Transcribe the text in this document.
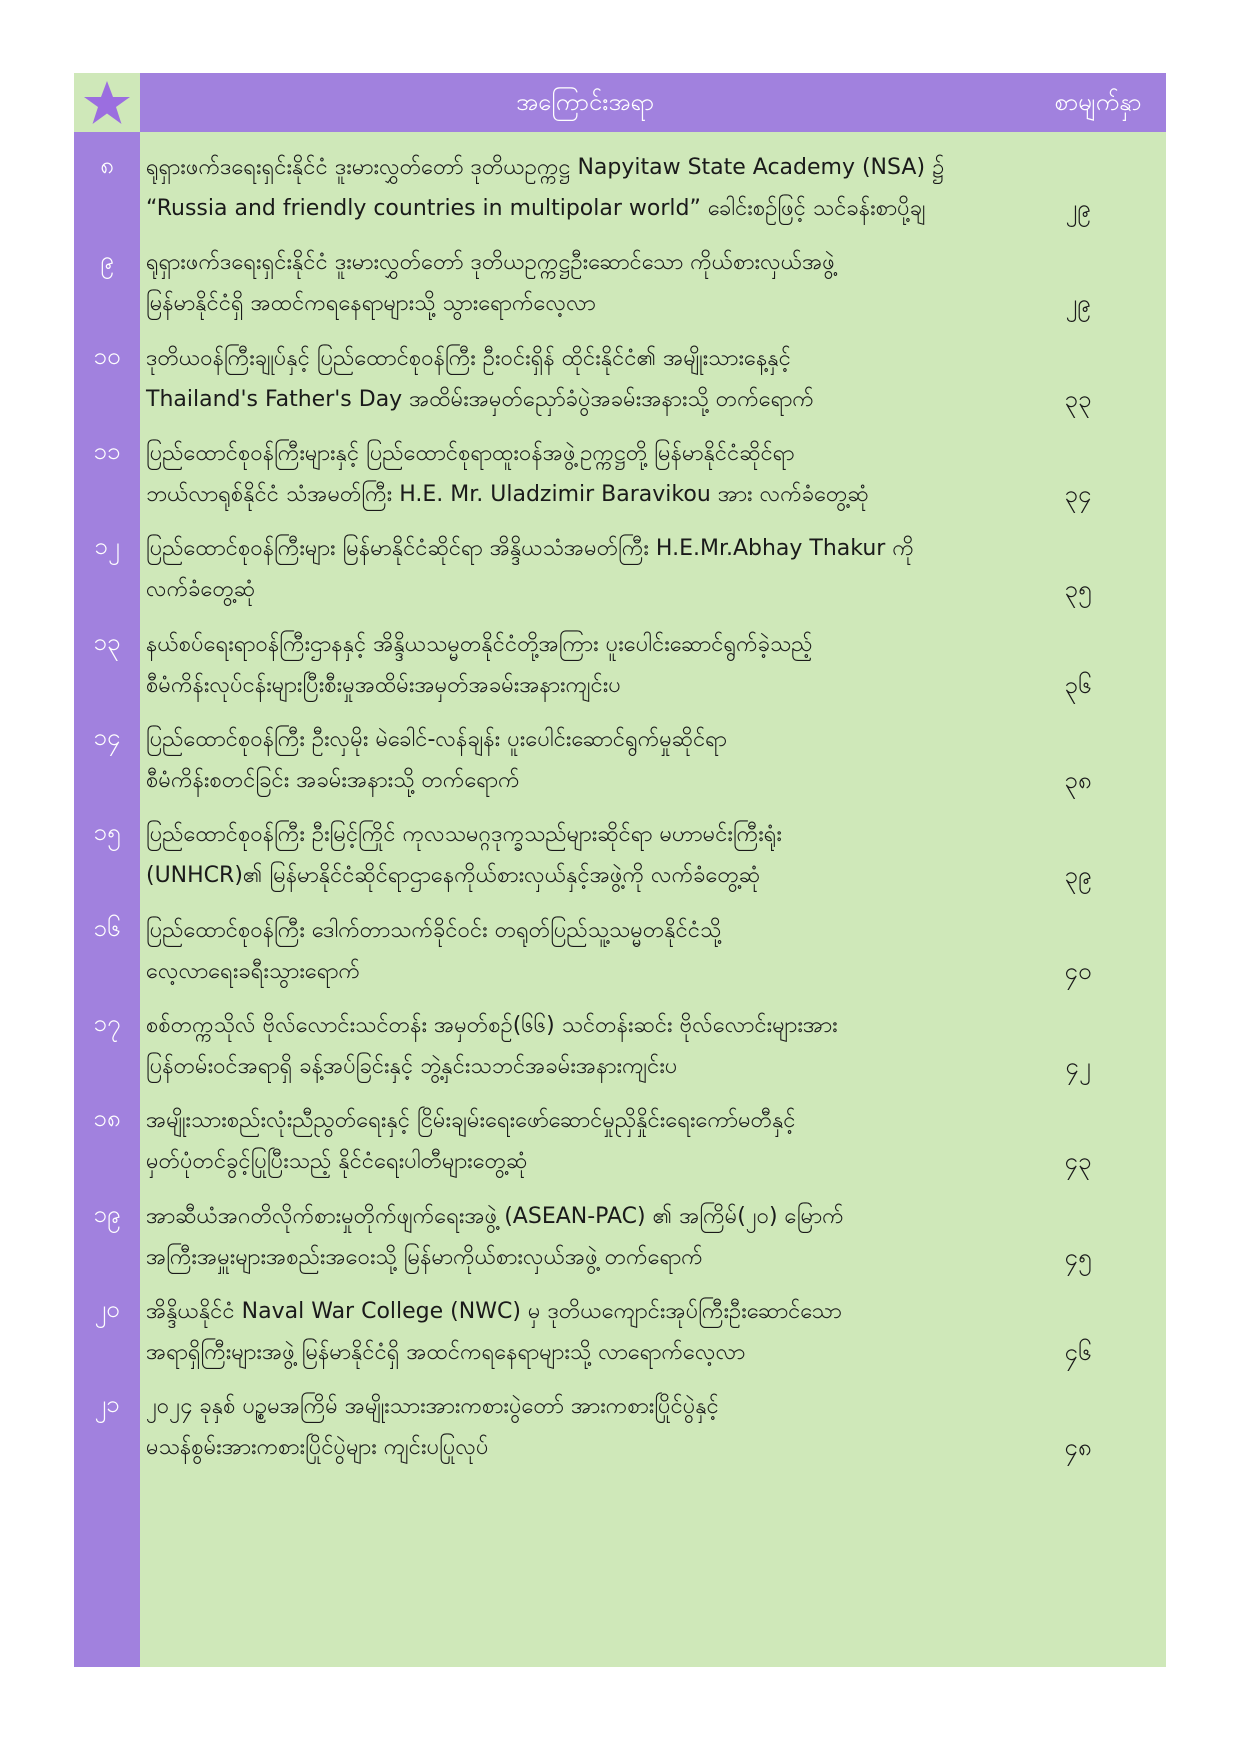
အကြောင်းအရာ	စာမျက်နှာ
၈	ရုရှားဖက်ဒရေးရှင်းနိုင်ငံ ဒူးမားလွှတ်တော် ဒုတိယဥက္ကဋ္ဌ Napyitaw State Academy (NSA) ၌
“Russia and friendly countries in multipolar world” ခေါင်းစဉ်ဖြင့် သင်ခန်းစာပို့ချ	၂၉
၉	ရုရှားဖက်ဒရေးရှင်းနိုင်ငံ ဒူးမားလွှတ်တော် ဒုတိယဥက္ကဋ္ဌဦးဆောင်သော ကိုယ်စားလှယ်အဖွဲ့
မြန်မာနိုင်ငံရှိ အထင်ကရနေရာများသို့ သွားရောက်လေ့လာ	၂၉
၁၀	ဒုတိယဝန်ကြီးချုပ်နှင့် ပြည်ထောင်စုဝန်ကြီး ဦးဝင်းရှိန် ထိုင်းနိုင်ငံ၏ အမျိုးသားနေ့နှင့်
Thailand's Father's Day အထိမ်းအမှတ်ညှော်ခံပွဲအခမ်းအနားသို့ တက်ရောက်	၃၃
၁၁	ပြည်ထောင်စုဝန်ကြီးများနှင့် ပြည်ထောင်စုရာထူးဝန်အဖွဲ့ဥက္ကဋ္ဌတို့ မြန်မာနိုင်ငံဆိုင်ရာ
ဘယ်လာရုစ်နိုင်ငံ သံအမတ်ကြီး H.E. Mr. Uladzimir Baravikou အား လက်ခံတွေ့ဆုံ	၃၄
၁၂	ပြည်ထောင်စုဝန်ကြီးများ မြန်မာနိုင်ငံဆိုင်ရာ အိန္ဒိယသံအမတ်ကြီး H.E.Mr.Abhay Thakur ကို
လက်ခံတွေ့ဆုံ	၃၅
၁၃	နယ်စပ်ရေးရာဝန်ကြီးဌာနနှင့် အိန္ဒိယသမ္မတနိုင်ငံတို့အကြား ပူးပေါင်းဆောင်ရွက်ခဲ့သည့်
စီမံကိန်းလုပ်ငန်းများပြီးစီးမှုအထိမ်းအမှတ်အခမ်းအနားကျင်းပ	၃၆
၁၄	ပြည်ထောင်စုဝန်ကြီး ဦးလှမိုး မဲခေါင်-လန်ချန်း ပူးပေါင်းဆောင်ရွက်မှုဆိုင်ရာ
စီမံကိန်းစတင်ခြင်း အခမ်းအနားသို့ တက်ရောက်	၃၈
၁၅	ပြည်ထောင်စုဝန်ကြီး ဦးမြင့်ကြိုင် ကုလသမဂ္ဂဒုက္ခသည်များဆိုင်ရာ မဟာမင်းကြီးရုံး
(UNHCR)၏ မြန်မာနိုင်ငံဆိုင်ရာဌာနေကိုယ်စားလှယ်နှင့်အဖွဲ့ကို လက်ခံတွေ့ဆုံ	၃၉
၁၆	ပြည်ထောင်စုဝန်ကြီး ဒေါက်တာသက်ခိုင်ဝင်း တရုတ်ပြည်သူ့သမ္မတနိုင်ငံသို့
လေ့လာရေးခရီးသွားရောက်	၄၀
၁၇	စစ်တက္ကသိုလ် ဗိုလ်လောင်းသင်တန်း အမှတ်စဉ်(၆၆) သင်တန်းဆင်း ဗိုလ်လောင်းများအား
ပြန်တမ်းဝင်အရာရှိ ခန့်အပ်ခြင်းနှင့် ဘွဲ့နှင်းသဘင်အခမ်းအနားကျင်းပ	၄၂
၁၈	အမျိုးသားစည်းလုံးညီညွတ်ရေးနှင့် ငြိမ်းချမ်းရေးဖော်ဆောင်မှုညှိနှိုင်းရေးကော်မတီနှင့်
မှတ်ပုံတင်ခွင့်ပြုပြီးသည့် နိုင်ငံရေးပါတီများတွေ့ဆုံ	၄၃
၁၉	အာဆီယံအဂတိလိုက်စားမှုတိုက်ဖျက်ရေးအဖွဲ့ (ASEAN-PAC) ၏ အကြိမ်(၂၀) မြောက်
အကြီးအမှူးများအစည်းအဝေးသို့ မြန်မာကိုယ်စားလှယ်အဖွဲ့ တက်ရောက်	၄၅
၂၀	အိန္ဒိယနိုင်ငံ Naval War College (NWC) မှ ဒုတိယကျောင်းအုပ်ကြီးဦးဆောင်သော
အရာရှိကြီးများအဖွဲ့ မြန်မာနိုင်ငံရှိ အထင်ကရနေရာများသို့ လာရောက်လေ့လာ	၄၆
၂၁	၂၀၂၄ ခုနှစ် ပဉ္စမအကြိမ် အမျိုးသားအားကစားပွဲတော် အားကစားပြိုင်ပွဲနှင့်
မသန်စွမ်းအားကစားပြိုင်ပွဲများ ကျင်းပပြုလုပ်	၄၈
